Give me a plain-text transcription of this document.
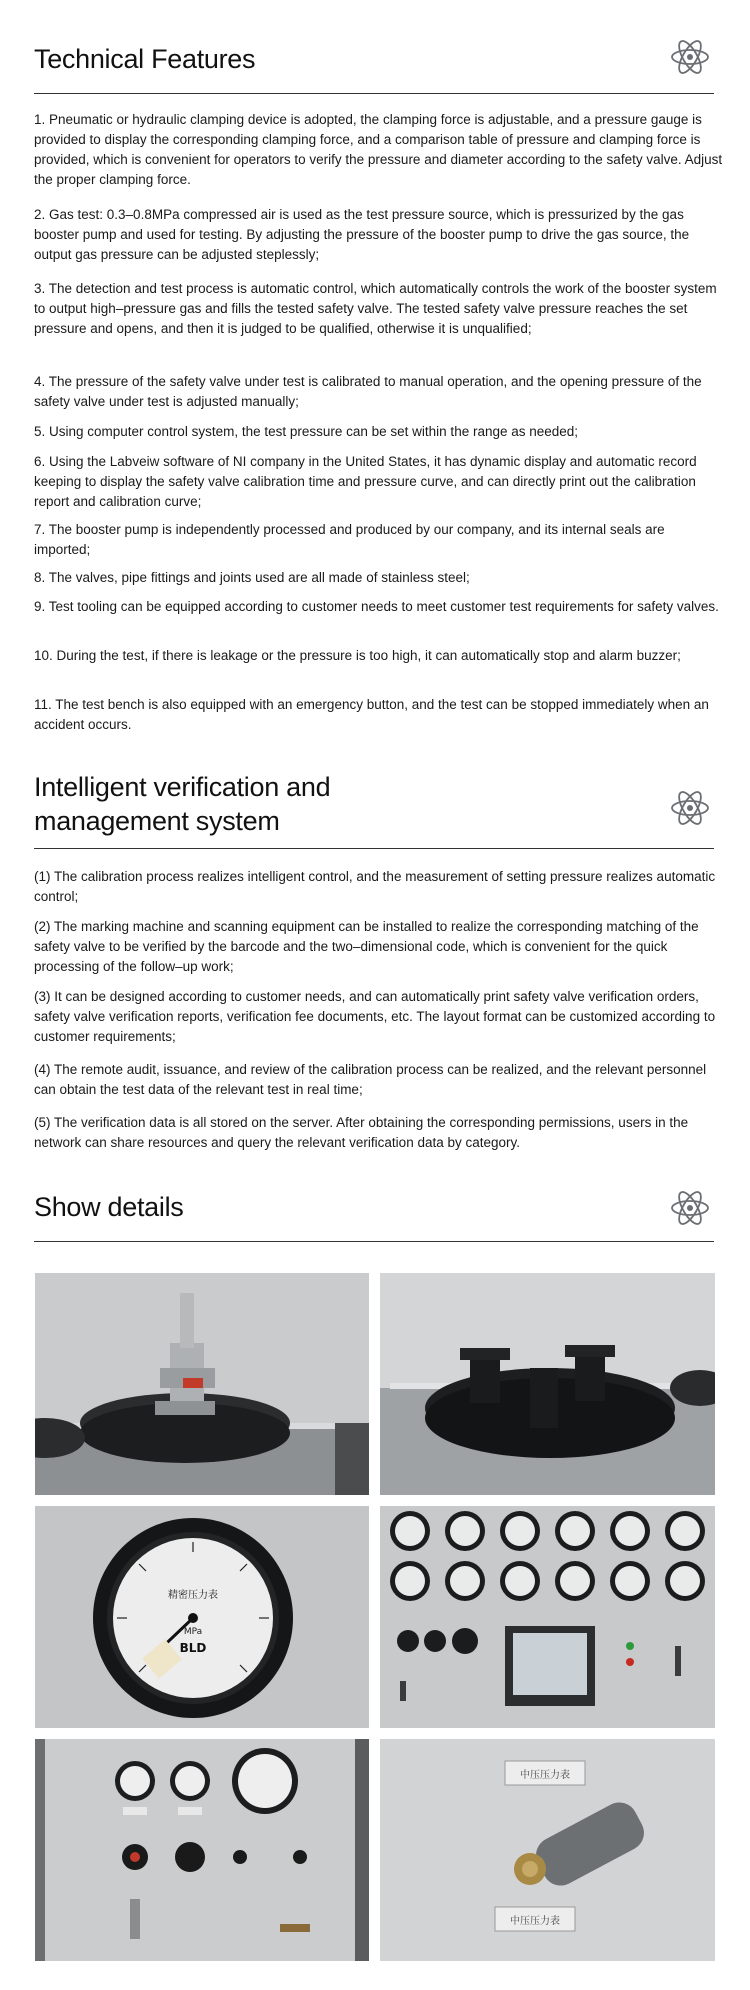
Technical Features

1. Pneumatic or hydraulic clamping device is adopted, the clamping force is adjustable, and a pressure gauge is provided to display the corresponding clamping force, and a comparison table of pressure and clamping force is provided, which is convenient for operators to verify the pressure and diameter according to the safety valve. Adjust the proper clamping force.

2. Gas test: 0.3–0.8MPa compressed air is used as the test pressure source, which is pressurized by the gas booster pump and used for testing. By adjusting the pressure of the booster pump to drive the gas source, the output gas pressure can be adjusted steplessly;

3. The detection and test process is automatic control, which automatically controls the work of the booster system to output high–pressure gas and fills the tested safety valve. The tested safety valve pressure reaches the set pressure and opens, and then it is judged to be qualified, otherwise it is unqualified;

4. The pressure of the safety valve under test is calibrated to manual operation, and the opening pressure of the safety valve under test is adjusted manually;

5. Using computer control system, the test pressure can be set within the range as needed;

6. Using the Labveiw software of NI company in the United States, it has dynamic display and automatic record keeping to display the safety valve calibration time and pressure curve, and can directly print out the calibration report and calibration curve;

7. The booster pump is independently processed and produced by our company, and its internal seals are imported;

8. The valves, pipe fittings and joints used are all made of stainless steel;

9. Test tooling can be equipped according to customer needs to meet customer test requirements for safety valves.

10. During the test, if there is leakage or the pressure is too high, it can automatically stop and alarm buzzer;

11. The test bench is also equipped with an emergency button, and the test can be stopped immediately when an accident occurs.

Intelligent verification and
management system

(1) The calibration process realizes intelligent control, and the measurement of setting pressure realizes automatic control;

(2) The marking machine and scanning equipment can be installed to realize the corresponding matching of the safety valve to be verified by the barcode and the two–dimensional code, which is convenient for the quick processing of the follow–up work;

(3) It can be designed according to customer needs, and can automatically print safety valve verification orders, safety valve verification reports, verification fee documents, etc. The layout format can be customized according to customer requirements;

(4) The remote audit, issuance, and review of the calibration process can be realized, and the relevant personnel can obtain the test data of the relevant test in real time;

(5) The verification data is all stored on the server. After obtaining the corresponding permissions, users in the network can share resources and query the relevant verification data by category.

Show details
精密压力表
MPa
BLD
中压压力表
中压压力表
